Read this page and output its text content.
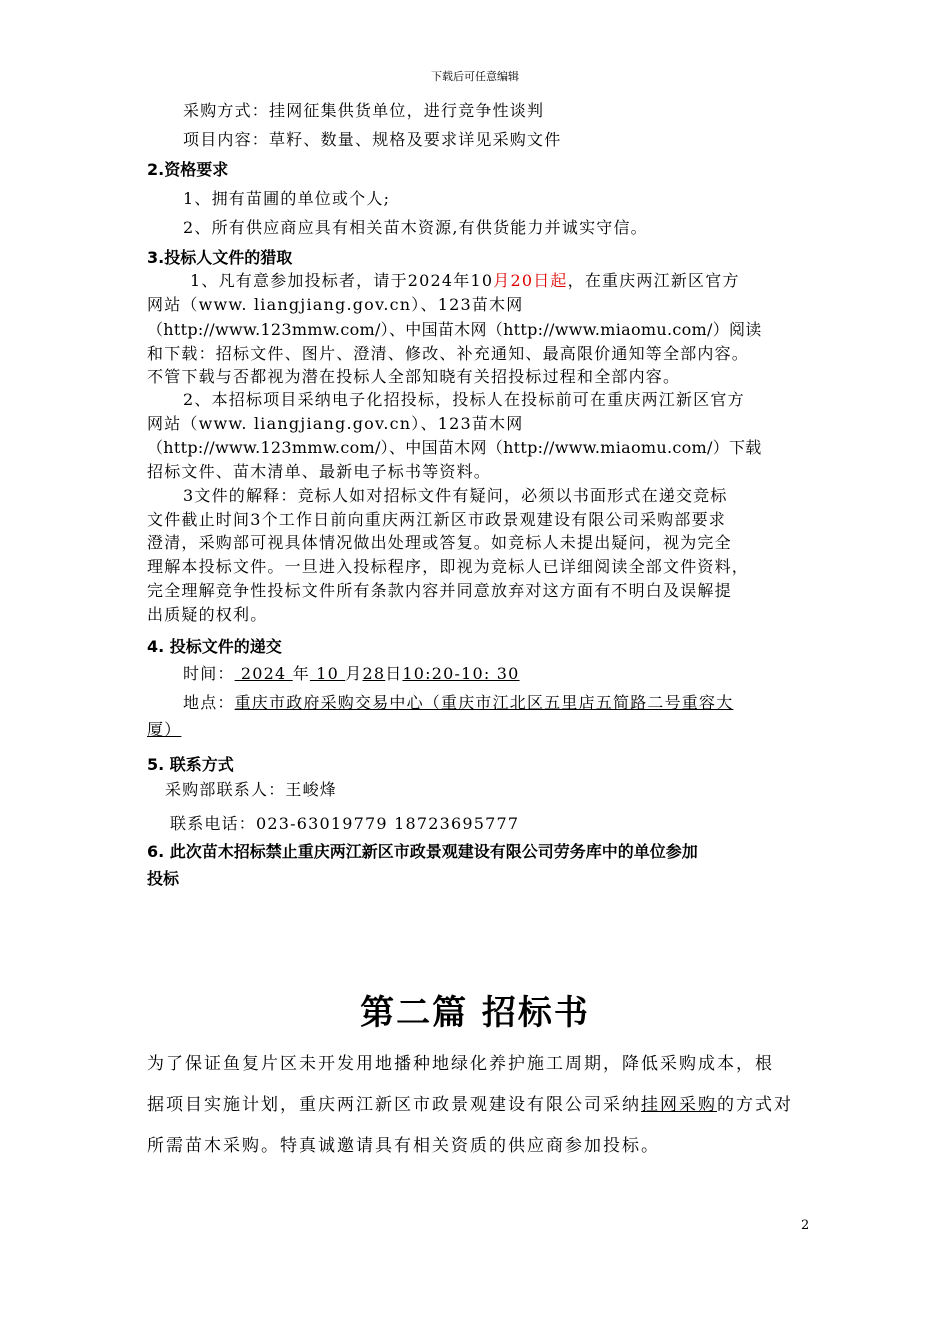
下载后可任意编辑
采购方式：挂网征集供货单位，进行竞争性谈判
项目内容：草籽、数量、规格及要求详见采购文件
2.资格要求
1、拥有苗圃的单位或个人;
2、所有供应商应具有相关苗木资源,有供货能力并诚实守信。
3.投标人文件的猎取
1、凡有意参加投标者，请于2024年10月20日起，在重庆两江新区官方
网站（www. liangjiang.gov.cn）、123苗木网
（http://www.123mmw.com/）、中国苗木网（http://www.miaomu.com/）阅读
和下载：招标文件、图片、澄清、修改、补充通知、最高限价通知等全部内容。
不管下载与否都视为潜在投标人全部知晓有关招投标过程和全部内容。
2、本招标项目采纳电子化招投标，投标人在投标前可在重庆两江新区官方
网站（www. liangjiang.gov.cn）、123苗木网
（http://www.123mmw.com/）、中国苗木网（http://www.miaomu.com/）下载
招标文件、苗木清单、最新电子标书等资料。
3文件的解释：竞标人如对招标文件有疑问，必须以书面形式在递交竞标
文件截止时间3个工作日前向重庆两江新区市政景观建设有限公司采购部要求
澄清，采购部可视具体情况做出处理或答复。如竞标人未提出疑问，视为完全
理解本投标文件。一旦进入投标程序，即视为竞标人已详细阅读全部文件资料，
完全理解竞争性投标文件所有条款内容并同意放弃对这方面有不明白及误解提
出质疑的权利。
4. 投标文件的递交
时间： 2024 年 10 月28日10:20-10: 30
地点：重庆市政府采购交易中心（重庆市江北区五里店五简路二号重容大
厦）
5. 联系方式
采购部联系人：王峻烽
联系电话：023-63019779 18723695777
6. 此次苗木招标禁止重庆两江新区市政景观建设有限公司劳务库中的单位参加
投标
第二篇 招标书
为了保证鱼复片区未开发用地播种地绿化养护施工周期，降低采购成本，根
据项目实施计划，重庆两江新区市政景观建设有限公司采纳挂网采购的方式对
所需苗木采购。特真诚邀请具有相关资质的供应商参加投标。
2
